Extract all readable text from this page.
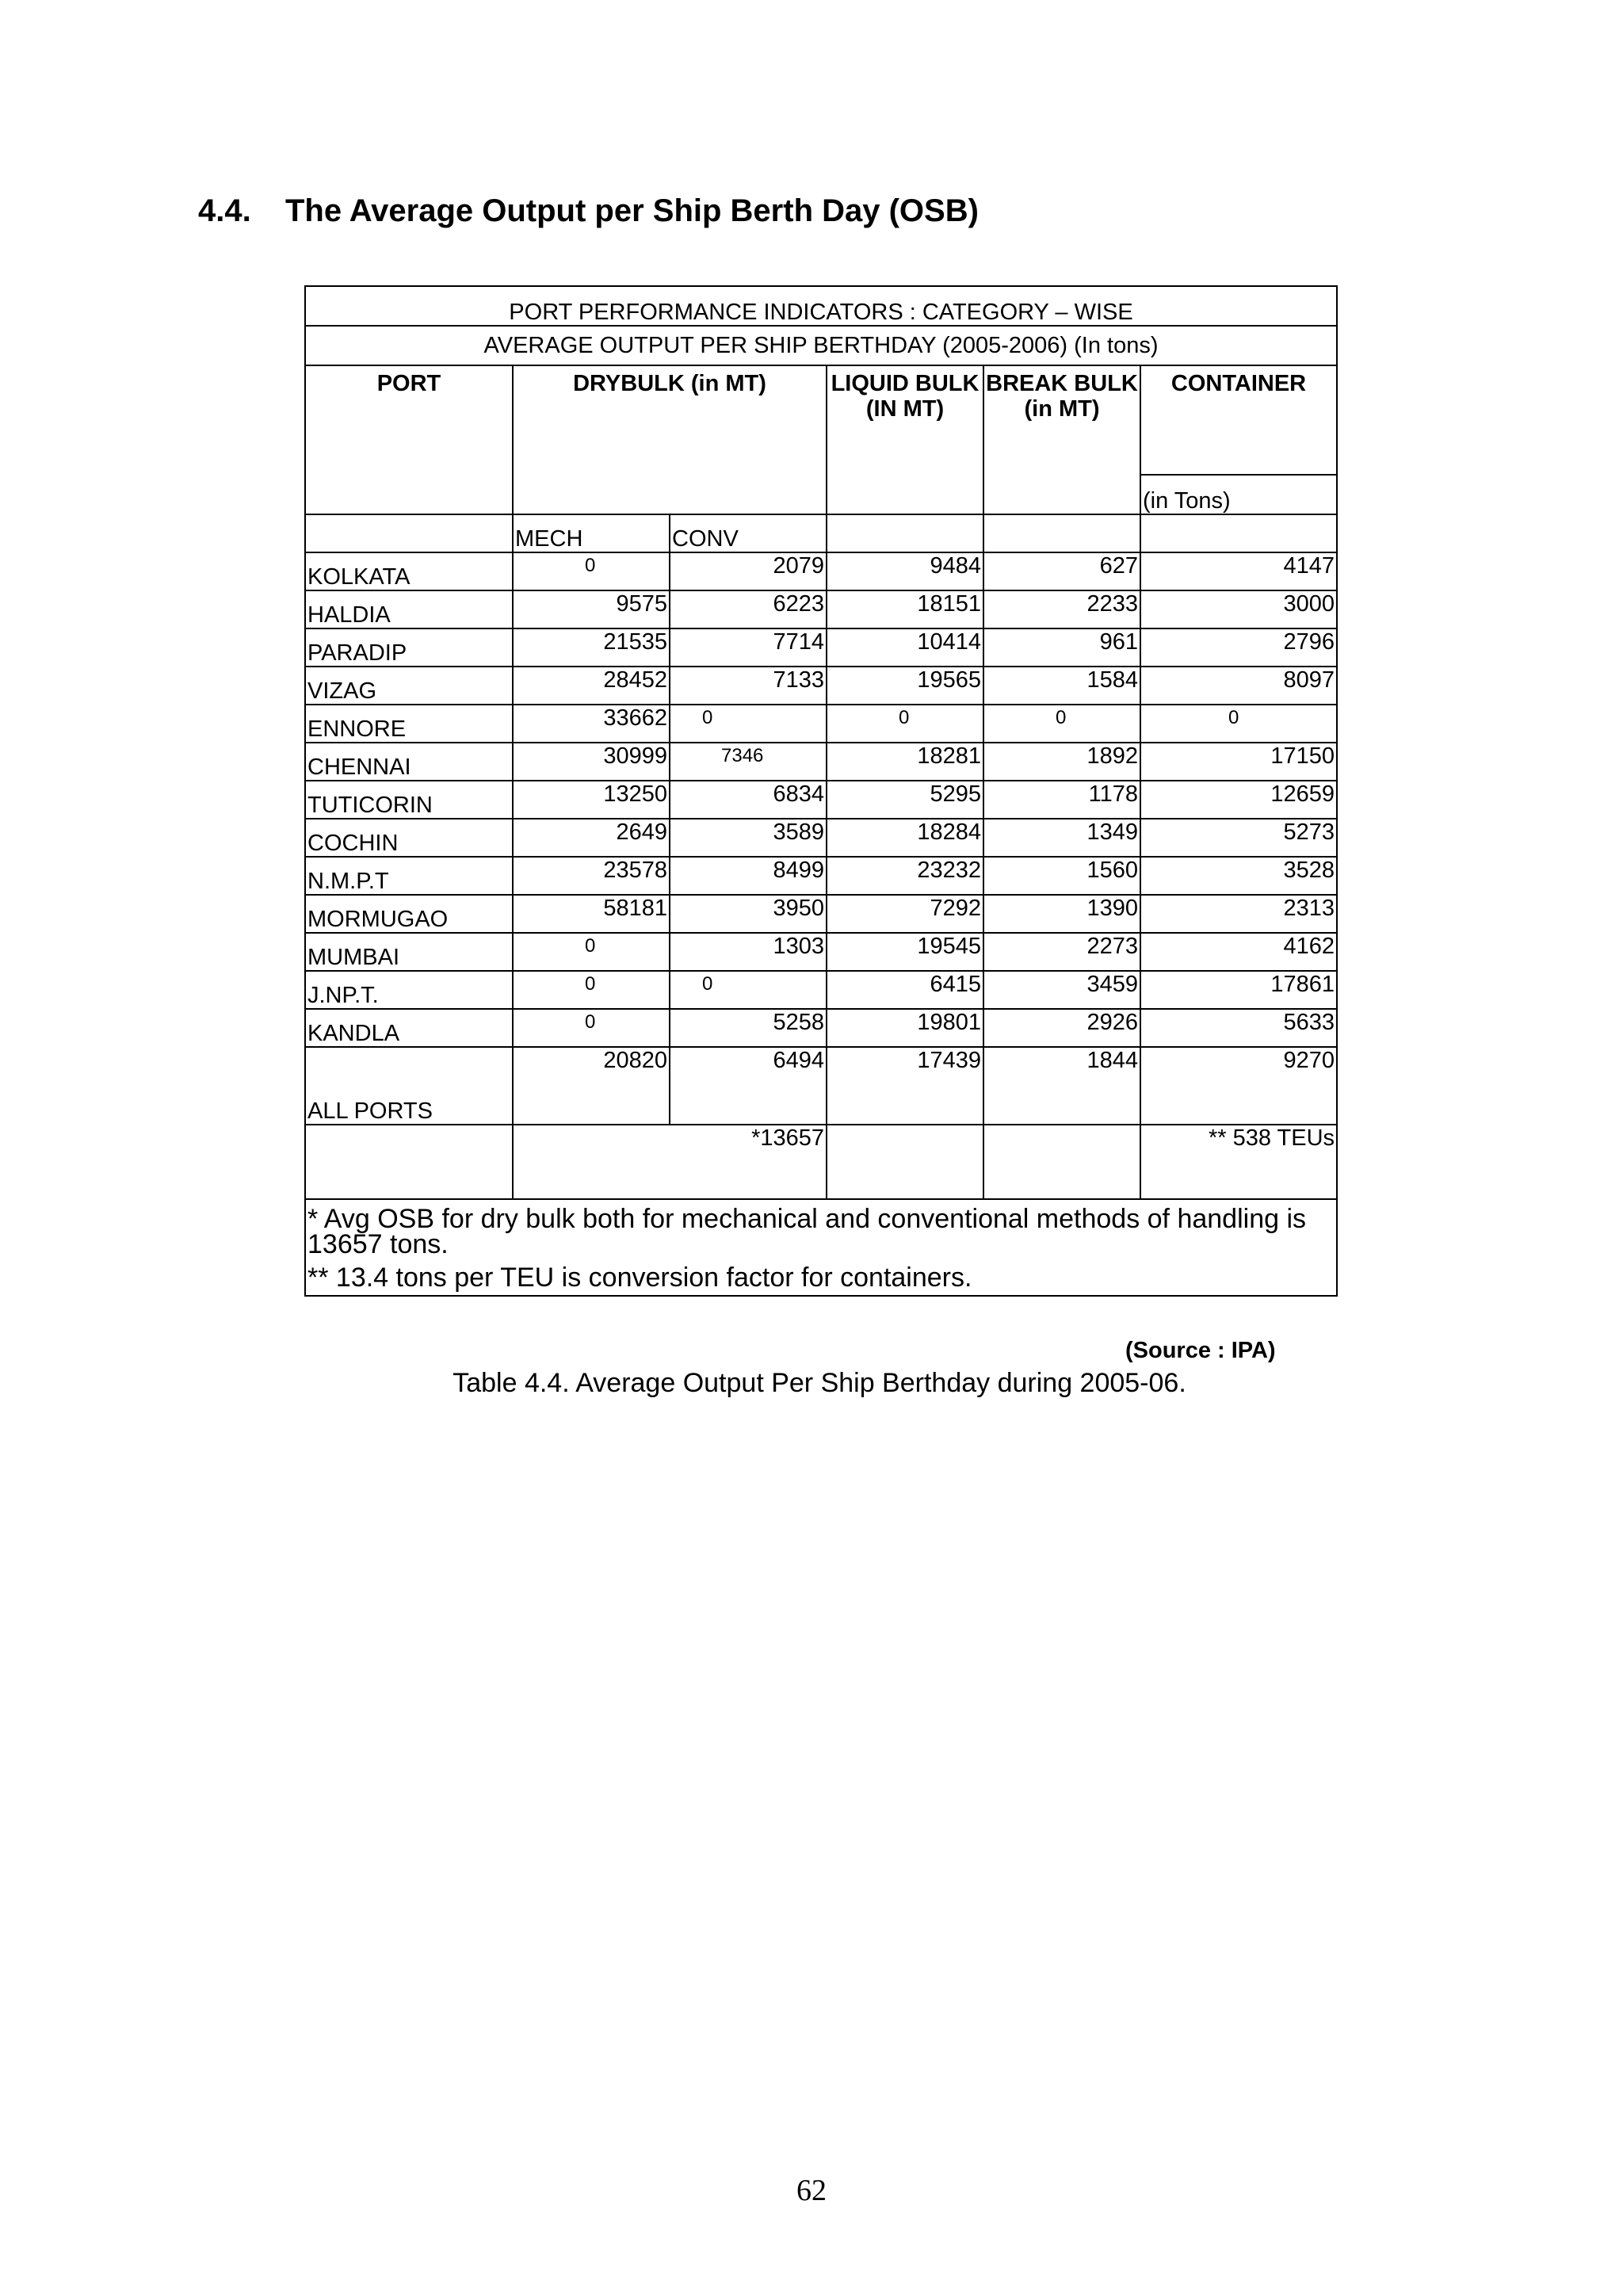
4.4. The Average Output per Ship Berth Day (OSB)
PORT PERFORMANCE INDICATORS : CATEGORY – WISE					
AVERAGE OUTPUT PER SHIP BERTHDAY (2005-2006) (In tons)					
PORT	DRYBULK (in MT)		LIQUID BULK (IN MT)	BREAK BULK (in MT)	CONTAINER
					(in Tons)
	MECH	CONV			
KOLKATA	0	2079	9484	627	4147
HALDIA	9575	6223	18151	2233	3000
PARADIP	21535	7714	10414	961	2796
VIZAG	28452	7133	19565	1584	8097
ENNORE	33662	0	0	0	0
CHENNAI	30999	7346	18281	1892	17150
TUTICORIN	13250	6834	5295	1178	12659
COCHIN	2649	3589	18284	1349	5273
N.M.P.T	23578	8499	23232	1560	3528
MORMUGAO	58181	3950	7292	1390	2313
MUMBAI	0	1303	19545	2273	4162
J.NP.T.	0	0	6415	3459	17861
KANDLA	0	5258	19801	2926	5633
ALL PORTS	20820	6494	17439	1844	9270
	*13657				** 538 TEUs
* Avg OSB for dry bulk both for mechanical and conventional methods of handling is 13657 tons.					
** 13.4 tons per TEU is conversion factor for containers.					
(Source : IPA)
Table 4.4. Average Output Per Ship Berthday during 2005-06.
62
